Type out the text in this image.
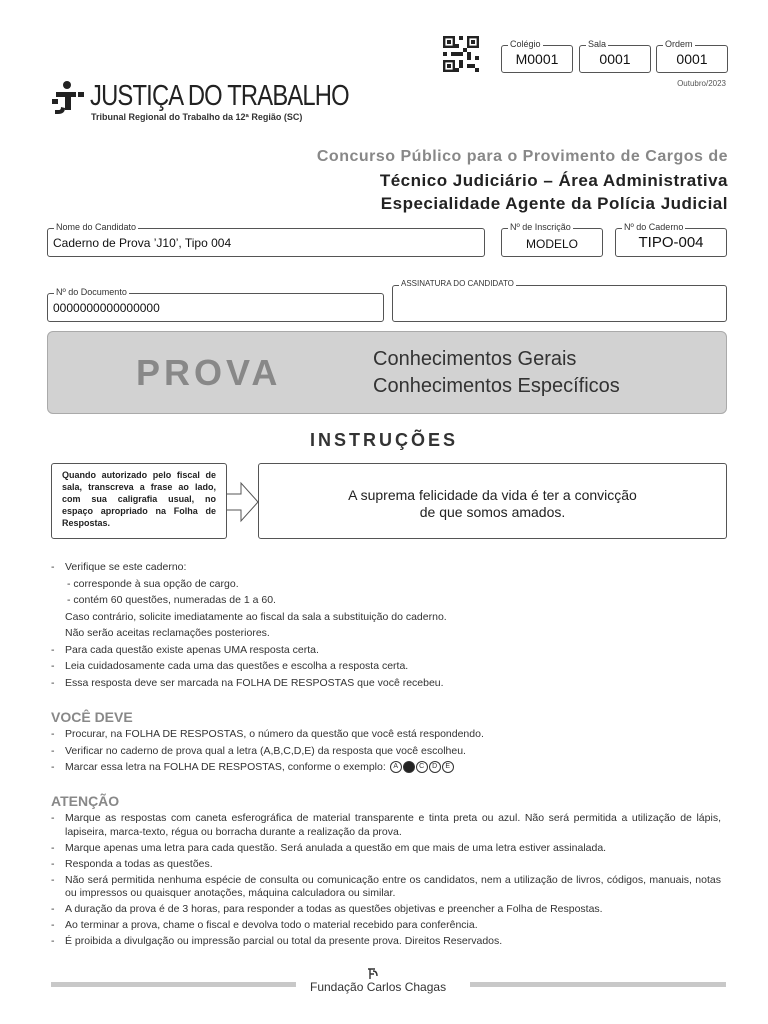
Colégio
M0001
Sala
0001
Ordem
0001
Outubro/2023
JUSTIÇA DO TRABALHO
Tribunal Regional do Trabalho da 12ª Região (SC)
Concurso Público para o Provimento de Cargos de
Técnico Judiciário – Área Administrativa
Especialidade Agente da Polícia Judicial
Nome do Candidato
Caderno de Prova ’J10’, Tipo 004
Nº de Inscrição
MODELO
Nº do Caderno
TIPO-004
Nº do Documento
0000000000000000
ASSINATURA DO CANDIDATO
PROVA	Conhecimentos Gerais
Conhecimentos Específicos
INSTRUÇÕES
Quando autorizado pelo fiscal de sala, transcreva a frase ao lado, com sua caligrafia usual, no espaço apropriado na Folha de Respostas.
A suprema felicidade da vida é ter a convicção
de que somos amados.
- Verifique se este caderno:
- corresponde à sua opção de cargo.
- contém 60 questões, numeradas de 1 a 60.
Caso contrário, solicite imediatamente ao fiscal da sala a substituição do caderno.
Não serão aceitas reclamações posteriores.
- Para cada questão existe apenas UMA resposta certa.
- Leia cuidadosamente cada uma das questões e escolha a resposta certa.
- Essa resposta deve ser marcada na FOLHA DE RESPOSTAS que você recebeu.
VOCÊ DEVE
- Procurar, na FOLHA DE RESPOSTAS, o número da questão que você está respondendo.
- Verificar no caderno de prova qual a letra (A,B,C,D,E) da resposta que você escolheu.
- Marcar essa letra na FOLHA DE RESPOSTAS, conforme o exemplo: A B C D E
ATENÇÃO
- Marque as respostas com caneta esferográfica de material transparente e tinta preta ou azul. Não será permitida a utilização de lápis, lapiseira, marca-texto, régua ou borracha durante a realização da prova.
- Marque apenas uma letra para cada questão. Será anulada a questão em que mais de uma letra estiver assinalada.
- Responda a todas as questões.
- Não será permitida nenhuma espécie de consulta ou comunicação entre os candidatos, nem a utilização de livros, códigos, manuais, notas ou impressos ou quaisquer anotações, máquina calculadora ou similar.
- A duração da prova é de 3 horas, para responder a todas as questões objetivas e preencher a Folha de Respostas.
- Ao terminar a prova, chame o fiscal e devolva todo o material recebido para conferência.
- É proibida a divulgação ou impressão parcial ou total da presente prova. Direitos Reservados.
Fundação Carlos Chagas
